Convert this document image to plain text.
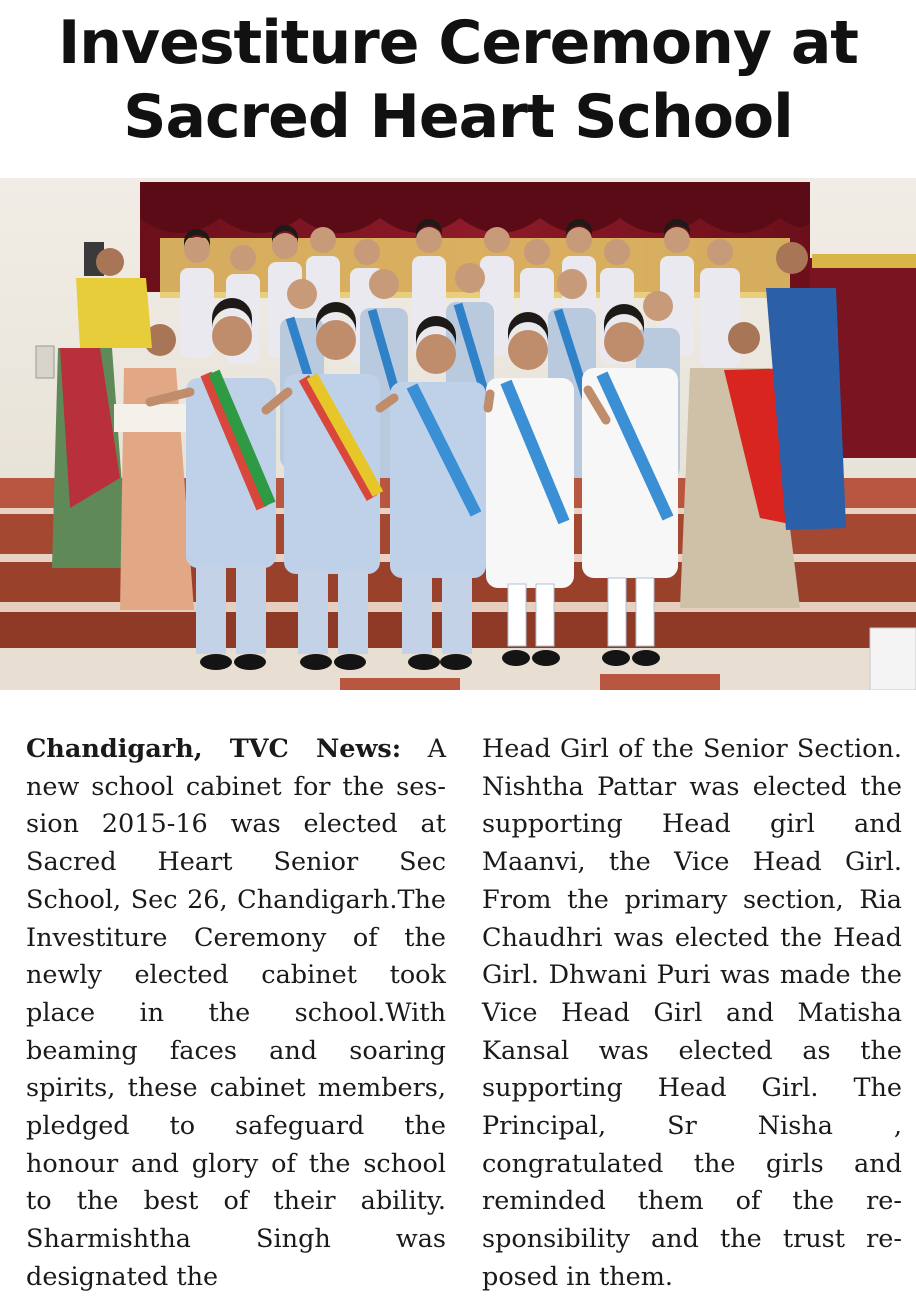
Investiture Ceremony at
Sacred Heart School
Chandigarh, TVC News: A new school cabinet for the session 2015-16 was elected at Sacred Heart Senior Sec School, Sec 26, Chandigarh.The Investiture Ceremony of the newly elected cabinet took place in the school.With beaming faces and soaring spirits, these cabinet members, pledged to safeguard the honour and glory of the school to the best of their ability. Sharmishtha Singh was designated the
Head Girl of the Senior Section. Nishtha Pattar was elected the supporting Head girl and Maanvi, the Vice Head Girl. From the primary section, Ria Chaudhri was elected the Head Girl. Dhwani Puri was made the Vice Head Girl and Matisha Kansal was elected as the supporting Head Girl. The Principal, Sr Nisha , congratulated the girls and reminded them of the responsibility and the trust reposed in them.
